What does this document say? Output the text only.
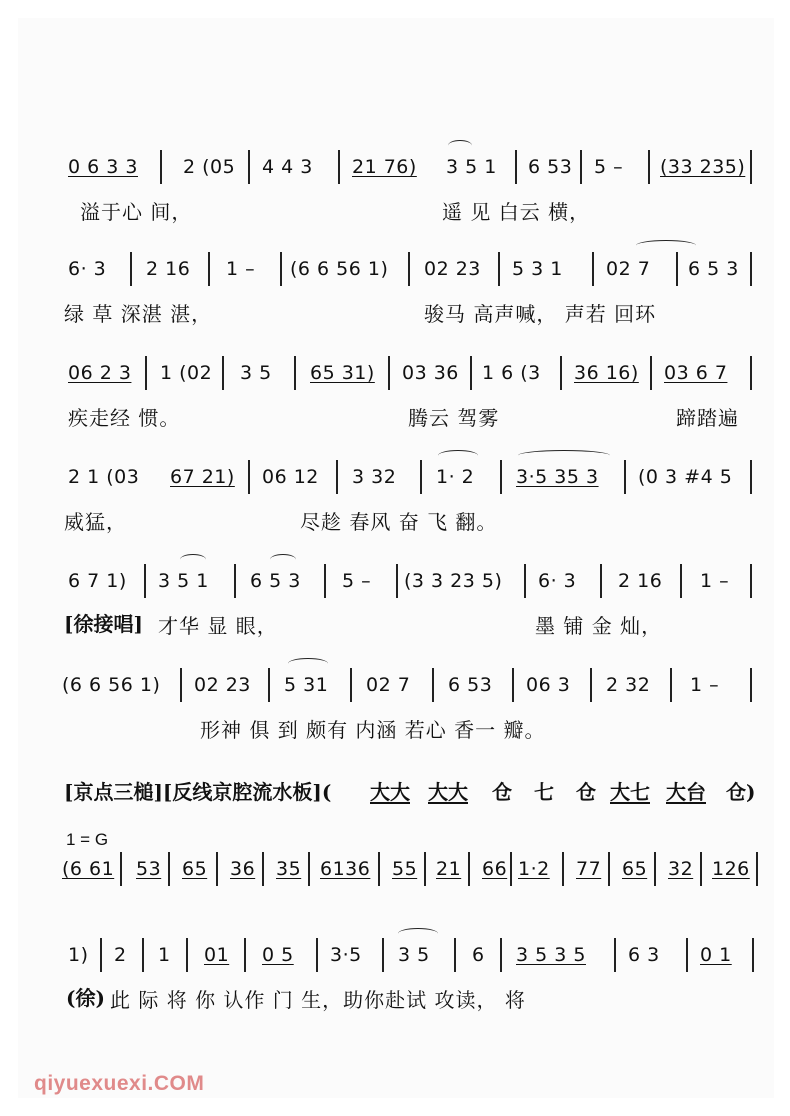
0 6 3 3 2 (05 4 4 3 21 76) 3 5 1 6 53 5 – (33 235)
溢于心 间，	遥 见 白云 横，
6· 3 2 16 1 – (6 6 56 1) 02 23 5 3 1 02 7 6 5 3
绿 草 深湛 湛，	骏马 高声喊， 声若 回环
06 2 3 1 (02 3 5 65 31) 03 36 1 6 (3 36 16) 03 6 7
疾走经 惯。	腾云 驾雾	蹄踏遍
2 1 (03 67 21) 06 12 3 32 1· 2 3·5 35 3 (0 3 #4 5
威猛，	尽趁 春风 奋 飞 翻。
6 7 1) 3 5 1 6 5 3 5 – (3 3 23 5) 6· 3 2 16 1 –
[徐接唱] 才华 显 眼，	墨 铺 金 灿，
(6 6 56 1) 02 23 5 31 02 7 6 53 06 3 2 32 1 –
形神 俱 到 颇有 内涵 若心 香一 瓣。
[京点三槌][反线京腔流水板]( 大大 大大 仓 七 仓 大七 大台 仓)
1 = G
(6 61 53 65 36 35 6136 55 21 66 1·2 77 65 32 126
1) 2 1 01 0 5 3·5 3 5 6 3 5 3 5 6 3 0 1
(徐) 此 际 将 你 认作 门 生，助你赴试 攻读， 将
qiyuexuexi.COM
